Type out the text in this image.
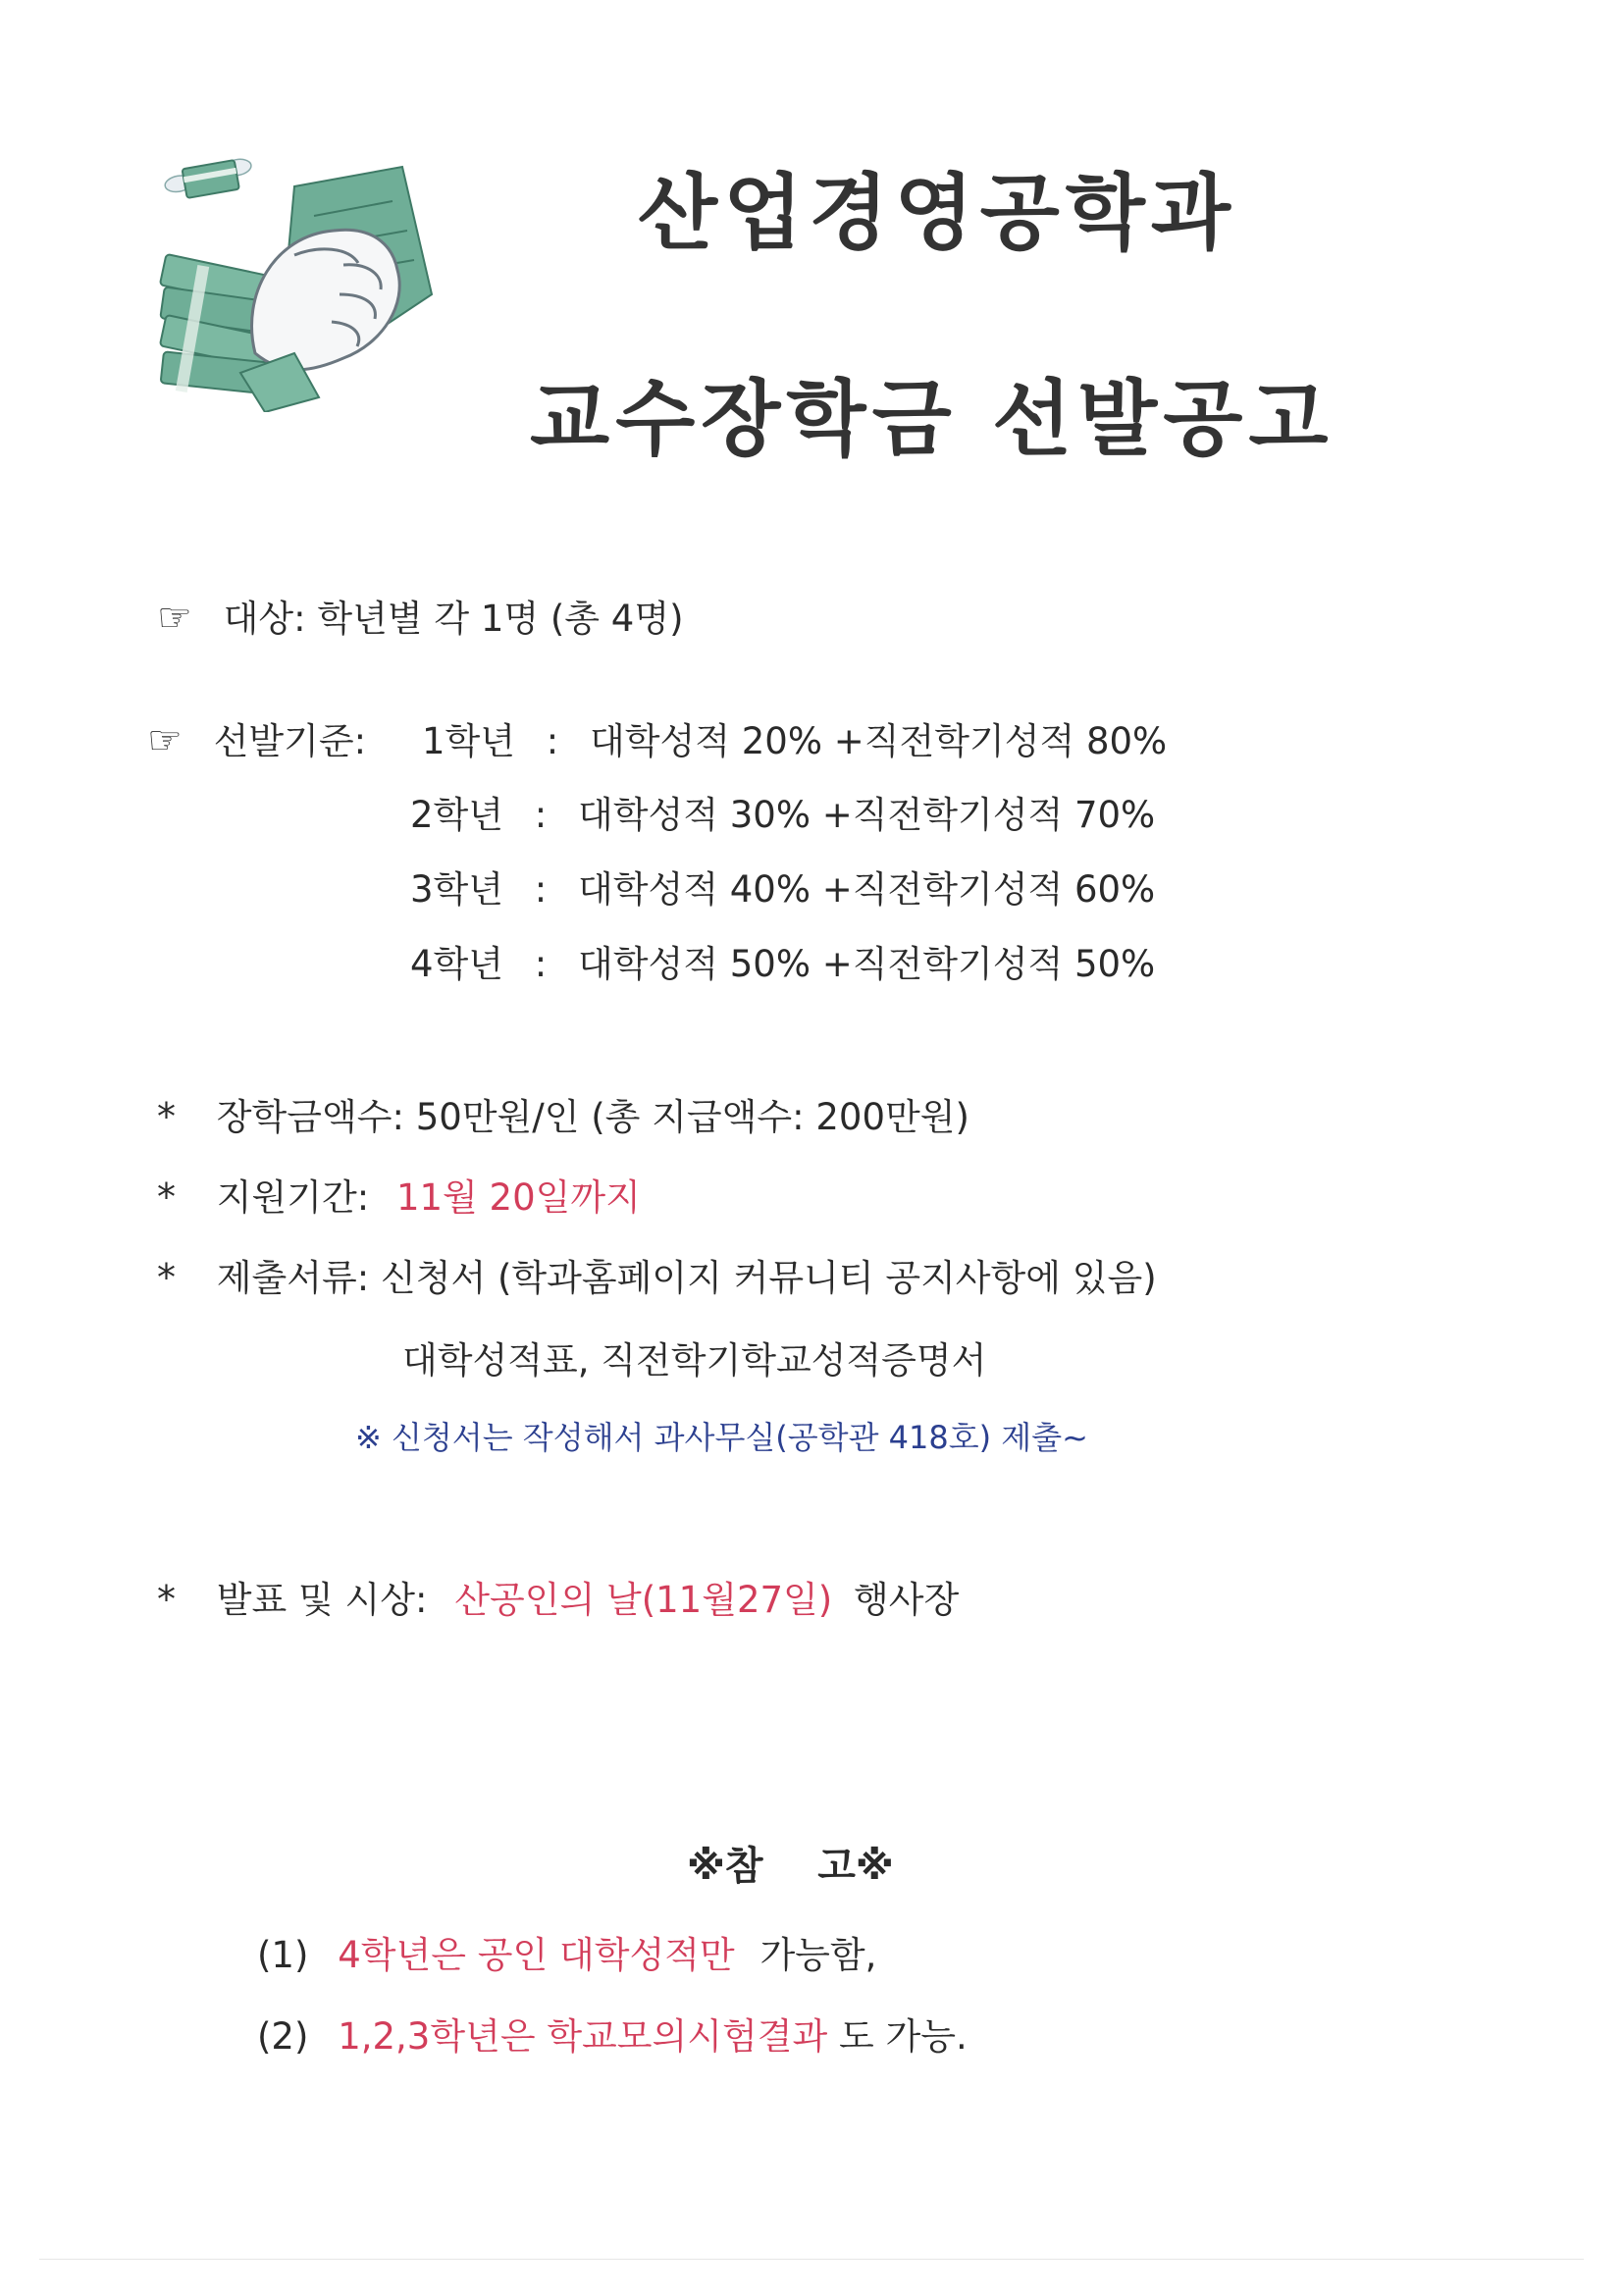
산업경영공학과
교수장학금 선발공고
☞ 대상: 학년별 각 1명 (총 4명)
☞ 선발기준: 1학년 : 대학성적 20% +직전학기성적 80%
2학년 : 대학성적 30% +직전학기성적 70%
3학년 : 대학성적 40% +직전학기성적 60%
4학년 : 대학성적 50% +직전학기성적 50%
* 장학금액수: 50만원/인 (총 지급액수: 200만원)
* 지원기간: 11월 20일까지
* 제출서류: 신청서 (학과홈페이지 커뮤니티 공지사항에 있음)
대학성적표, 직전학기학교성적증명서
※ 신청서는 작성해서 과사무실(공학관 418호) 제출~
* 발표 및 시상: 산공인의 날(11월27일) 행사장
※참    고※
(1) 4학년은 공인 대학성적만 가능함,
(2) 1,2,3학년은 학교모의시험결과 도 가능.
